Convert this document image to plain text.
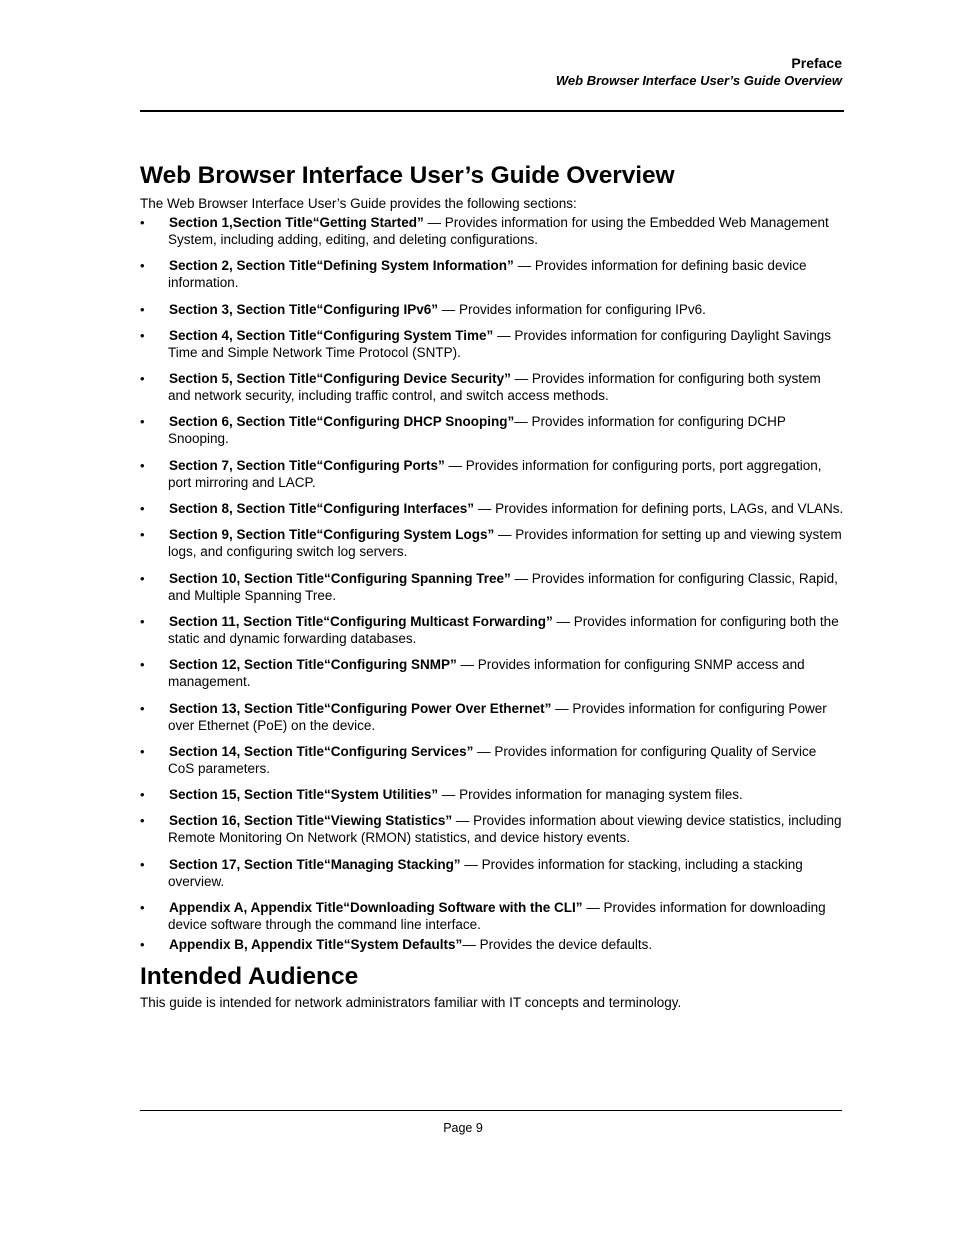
Preface
Web Browser Interface User’s Guide Overview
Web Browser Interface User’s Guide Overview

The Web Browser Interface User’s Guide provides the following sections:

• Section 1,Section Title“Getting Started” — Provides information for using the Embedded Web Management System, including adding, editing, and deleting configurations.
• Section 2, Section Title“Defining System Information” — Provides information for defining basic device information.
• Section 3, Section Title“Configuring IPv6” — Provides information for configuring IPv6.
• Section 4, Section Title“Configuring System Time” — Provides information for configuring Daylight Savings Time and Simple Network Time Protocol (SNTP).
• Section 5, Section Title“Configuring Device Security” — Provides information for configuring both system and network security, including traffic control, and switch access methods.
• Section 6, Section Title“Configuring DHCP Snooping”— Provides information for configuring DCHP Snooping.
• Section 7, Section Title“Configuring Ports” — Provides information for configuring ports, port aggregation, port mirroring and LACP.
• Section 8, Section Title“Configuring Interfaces” — Provides information for defining ports, LAGs, and VLANs.
• Section 9, Section Title“Configuring System Logs” — Provides information for setting up and viewing system logs, and configuring switch log servers.
• Section 10, Section Title“Configuring Spanning Tree” — Provides information for configuring Classic, Rapid, and Multiple Spanning Tree.
• Section 11, Section Title“Configuring Multicast Forwarding” — Provides information for configuring both the static and dynamic forwarding databases.
• Section 12, Section Title“Configuring SNMP” — Provides information for configuring SNMP access and management.
• Section 13, Section Title“Configuring Power Over Ethernet” — Provides information for configuring Power over Ethernet (PoE) on the device.
• Section 14, Section Title“Configuring Services” — Provides information for configuring Quality of Service CoS parameters.
• Section 15, Section Title“System Utilities” — Provides information for managing system files.
• Section 16, Section Title“Viewing Statistics” — Provides information about viewing device statistics, including Remote Monitoring On Network (RMON) statistics, and device history events.
• Section 17, Section Title“Managing Stacking” — Provides information for stacking, including a stacking overview.
• Appendix A, Appendix Title“Downloading Software with the CLI” — Provides information for downloading device software through the command line interface.
• Appendix B, Appendix Title“System Defaults”— Provides the device defaults.
Intended Audience

This guide is intended for network administrators familiar with IT concepts and terminology.

Page 9
